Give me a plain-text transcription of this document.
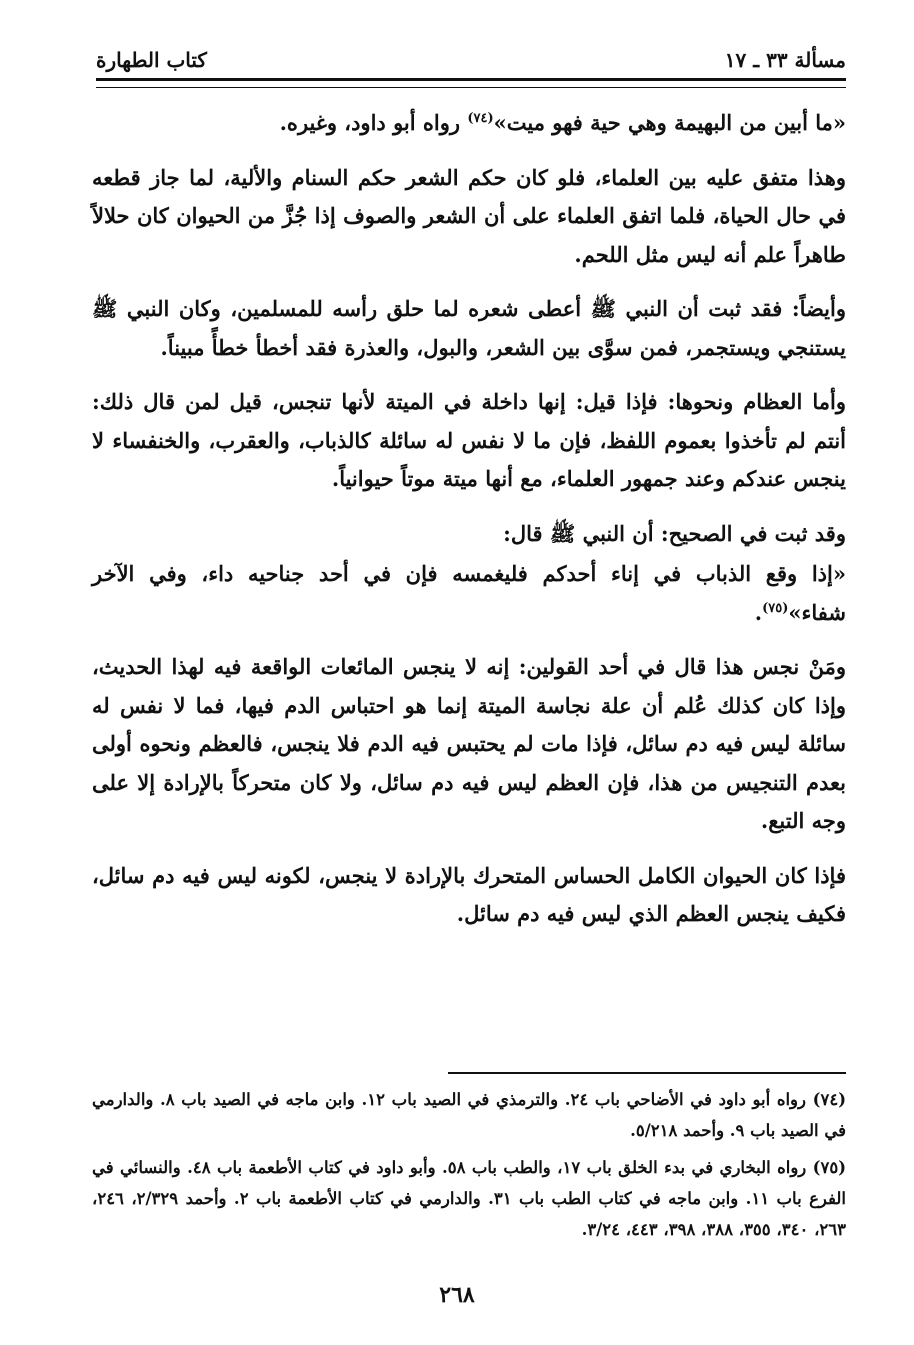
مسألة ٣٣ ـ ١٧
كتاب الطهارة

«ما أبين من البهيمة وهي حية فهو ميت»$^{(٧٤)}$ رواه أبو داود، وغيره.

وهذا متفق عليه بين العلماء، فلو كان حكم الشعر حكم السنام والألية، لما جاز قطعه في حال الحياة، فلما اتفق العلماء على أن الشعر والصوف إذا جُزَّ من الحيوان كان حلالاً طاهراً علم أنه ليس مثل اللحم.

وأيضاً: فقد ثبت أن النبي ﷺ أعطى شعره لما حلق رأسه للمسلمين، وكان النبي ﷺ يستنجي ويستجمر، فمن سوَّى بين الشعر، والبول، والعذرة فقد أخطأ خطأً مبيناً.

وأما العظام ونحوها: فإذا قيل: إنها داخلة في الميتة لأنها تنجس، قيل لمن قال ذلك: أنتم لم تأخذوا بعموم اللفظ، فإن ما لا نفس له سائلة كالذباب، والعقرب، والخنفساء لا ينجس عندكم وعند جمهور العلماء، مع أنها ميتة موتاً حيوانياً.

وقد ثبت في الصحيح: أن النبي ﷺ قال:

«إذا وقع الذباب في إناء أحدكم فليغمسه فإن في أحد جناحيه داء، وفي الآخر شفاء»$^{(٧٥)}$.

ومَنْ نجس هذا قال في أحد القولين: إنه لا ينجس المائعات الواقعة فيه لهذا الحديث، وإذا كان كذلك عُلم أن علة نجاسة الميتة إنما هو احتباس الدم فيها، فما لا نفس له سائلة ليس فيه دم سائل، فإذا مات لم يحتبس فيه الدم فلا ينجس، فالعظم ونحوه أولى بعدم التنجيس من هذا، فإن العظم ليس فيه دم سائل، ولا كان متحركاً بالإرادة إلا على وجه التبع.

فإذا كان الحيوان الكامل الحساس المتحرك بالإرادة لا ينجس، لكونه ليس فيه دم سائل، فكيف ينجس العظم الذي ليس فيه دم سائل.

(٧٤) رواه أبو داود في الأضاحي باب ٢٤. والترمذي في الصيد باب ١٢. وابن ماجه في الصيد باب ٨. والدارمي في الصيد باب ٩. وأحمد ٥/٢١٨.

(٧٥) رواه البخاري في بدء الخلق باب ١٧، والطب باب ٥٨. وأبو داود في كتاب الأطعمة باب ٤٨. والنسائي في الفرع باب ١١. وابن ماجه في كتاب الطب باب ٣١. والدارمي في كتاب الأطعمة باب ٢. وأحمد ٢/٣٢٩، ٢٤٦، ٢٦٣، ٣٤٠، ٣٥٥، ٣٨٨، ٣٩٨، ٤٤٣، ٣/٢٤.

٢٦٨
